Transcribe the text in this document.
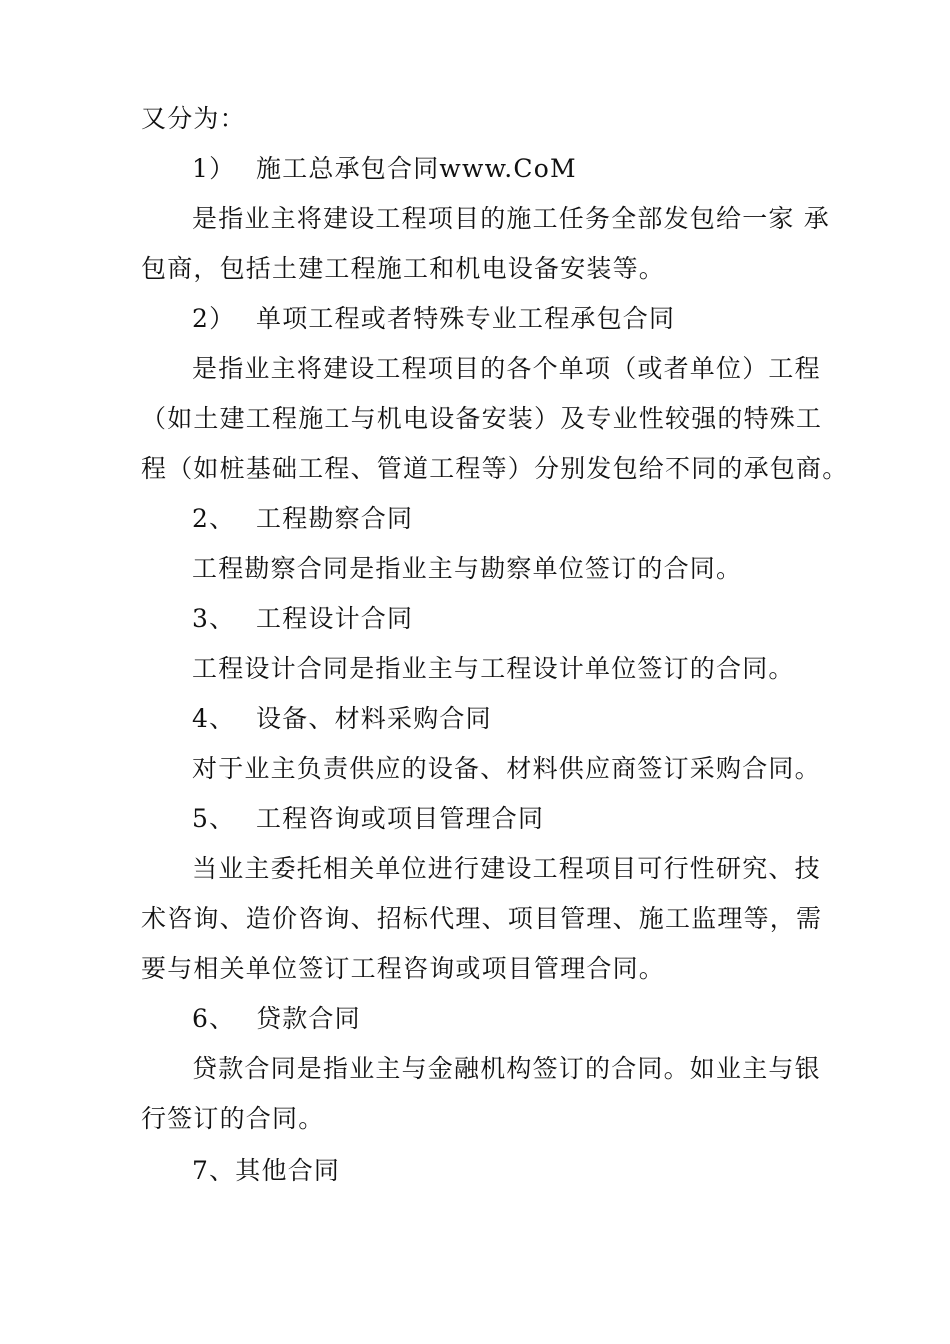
又分为：
1） 施工总承包合同www.CoM
是指业主将建设工程项目的施工任务全部发包给一家 承
包商，包括土建工程施工和机电设备安装等。
2） 单项工程或者特殊专业工程承包合同
是指业主将建设工程项目的各个单项（或者单位）工程
（如土建工程施工与机电设备安装）及专业性较强的特殊工
程（如桩基础工程、管道工程等）分别发包给不同的承包商。
2、 工程勘察合同
工程勘察合同是指业主与勘察单位签订的合同。
3、 工程设计合同
工程设计合同是指业主与工程设计单位签订的合同。
4、 设备、材料采购合同
对于业主负责供应的设备、材料供应商签订采购合同。
5、 工程咨询或项目管理合同
当业主委托相关单位进行建设工程项目可行性研究、技
术咨询、造价咨询、招标代理、项目管理、施工监理等，需
要与相关单位签订工程咨询或项目管理合同。
6、 贷款合同
贷款合同是指业主与金融机构签订的合同。如业主与银
行签订的合同。
7、其他合同
